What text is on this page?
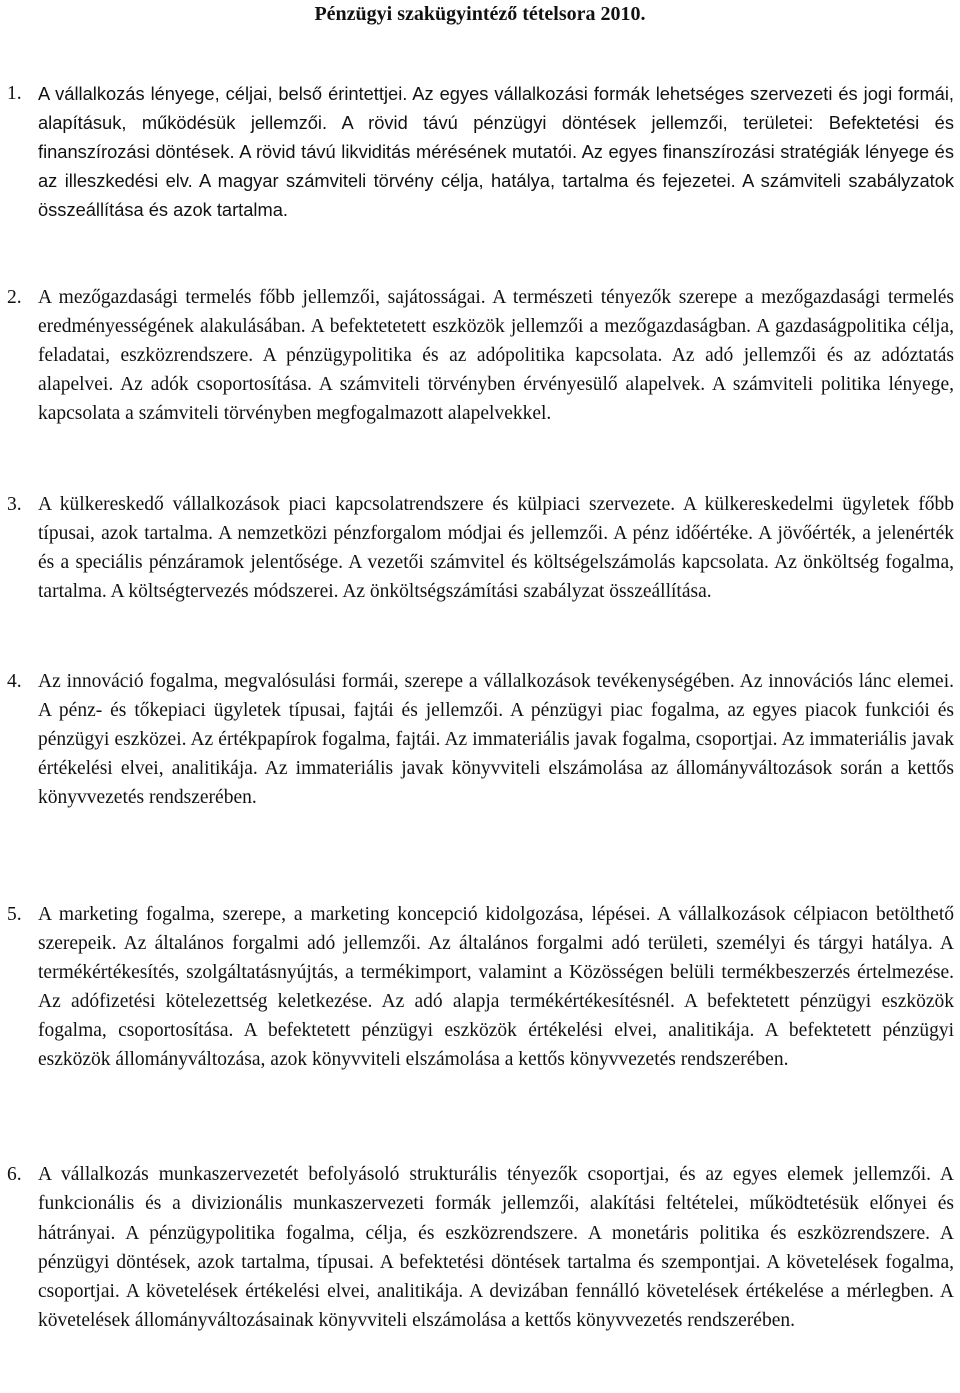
Pénzügyi szakügyintéző tételsora 2010.
1. A vállalkozás lényege, céljai, belső érintettjei. Az egyes vállalkozási formák lehetséges szervezeti és jogi formái, alapításuk, működésük jellemzői. A rövid távú pénzügyi döntések jellemzői, területei: Befektetési és finanszírozási döntések. A rövid távú likviditás mérésének mutatói. Az egyes finanszírozási stratégiák lényege és az illeszkedési elv. A magyar számviteli törvény célja, hatálya, tartalma és fejezetei. A számviteli szabályzatok összeállítása és azok tartalma.
2. A mezőgazdasági termelés főbb jellemzői, sajátosságai. A természeti tényezők szerepe a mezőgazdasági termelés eredményességének alakulásában. A befektetetett eszközök jellemzői a mezőgazdaságban. A gazdaságpolitika célja, feladatai, eszközrendszere. A pénzügypolitika és az adópolitika kapcsolata. Az adó jellemzői és az adóztatás alapelvei. Az adók csoportosítása. A számviteli törvényben érvényesülő alapelvek. A számviteli politika lényege, kapcsolata a számviteli törvényben megfogalmazott alapelvekkel.
3. A külkereskedő vállalkozások piaci kapcsolatrendszere és külpiaci szervezete. A külkereskedelmi ügyletek főbb típusai, azok tartalma. A nemzetközi pénzforgalom módjai és jellemzői. A pénz időértéke. A jövőérték, a jelenérték és a speciális pénzáramok jelentősége. A vezetői számvitel és költségelszámolás kapcsolata. Az önköltség fogalma, tartalma. A költségtervezés módszerei. Az önköltségszámítási szabályzat összeállítása.
4. Az innováció fogalma, megvalósulási formái, szerepe a vállalkozások tevékenységében. Az innovációs lánc elemei. A pénz- és tőkepiaci ügyletek típusai, fajtái és jellemzői. A pénzügyi piac fogalma, az egyes piacok funkciói és pénzügyi eszközei. Az értékpapírok fogalma, fajtái. Az immateriális javak fogalma, csoportjai. Az immateriális javak értékelési elvei, analitikája. Az immateriális javak könyvviteli elszámolása az állományváltozások során a kettős könyvvezetés rendszerében.
5. A marketing fogalma, szerepe, a marketing koncepció kidolgozása, lépései. A vállalkozások célpiacon betölthető szerepeik. Az általános forgalmi adó jellemzői. Az általános forgalmi adó területi, személyi és tárgyi hatálya. A termékértékesítés, szolgáltatásnyújtás, a termékimport, valamint a Közösségen belüli termékbeszerzés értelmezése. Az adófizetési kötelezettség keletkezése. Az adó alapja termékértékesítésnél. A befektetett pénzügyi eszközök fogalma, csoportosítása. A befektetett pénzügyi eszközök értékelési elvei, analitikája. A befektetett pénzügyi eszközök állományváltozása, azok könyvviteli elszámolása a kettős könyvvezetés rendszerében.
6. A vállalkozás munkaszervezetét befolyásoló strukturális tényezők csoportjai, és az egyes elemek jellemzői. A funkcionális és a divizionális munkaszervezeti formák jellemzői, alakítási feltételei, működtetésük előnyei és hátrányai. A pénzügypolitika fogalma, célja, és eszközrendszere. A monetáris politika és eszközrendszere. A pénzügyi döntések, azok tartalma, típusai. A befektetési döntések tartalma és szempontjai. A követelések fogalma, csoportjai. A követelések értékelési elvei, analitikája. A devizában fennálló követelések értékelése a mérlegben. A követelések állományváltozásainak könyvviteli elszámolása a kettős könyvvezetés rendszerében.
